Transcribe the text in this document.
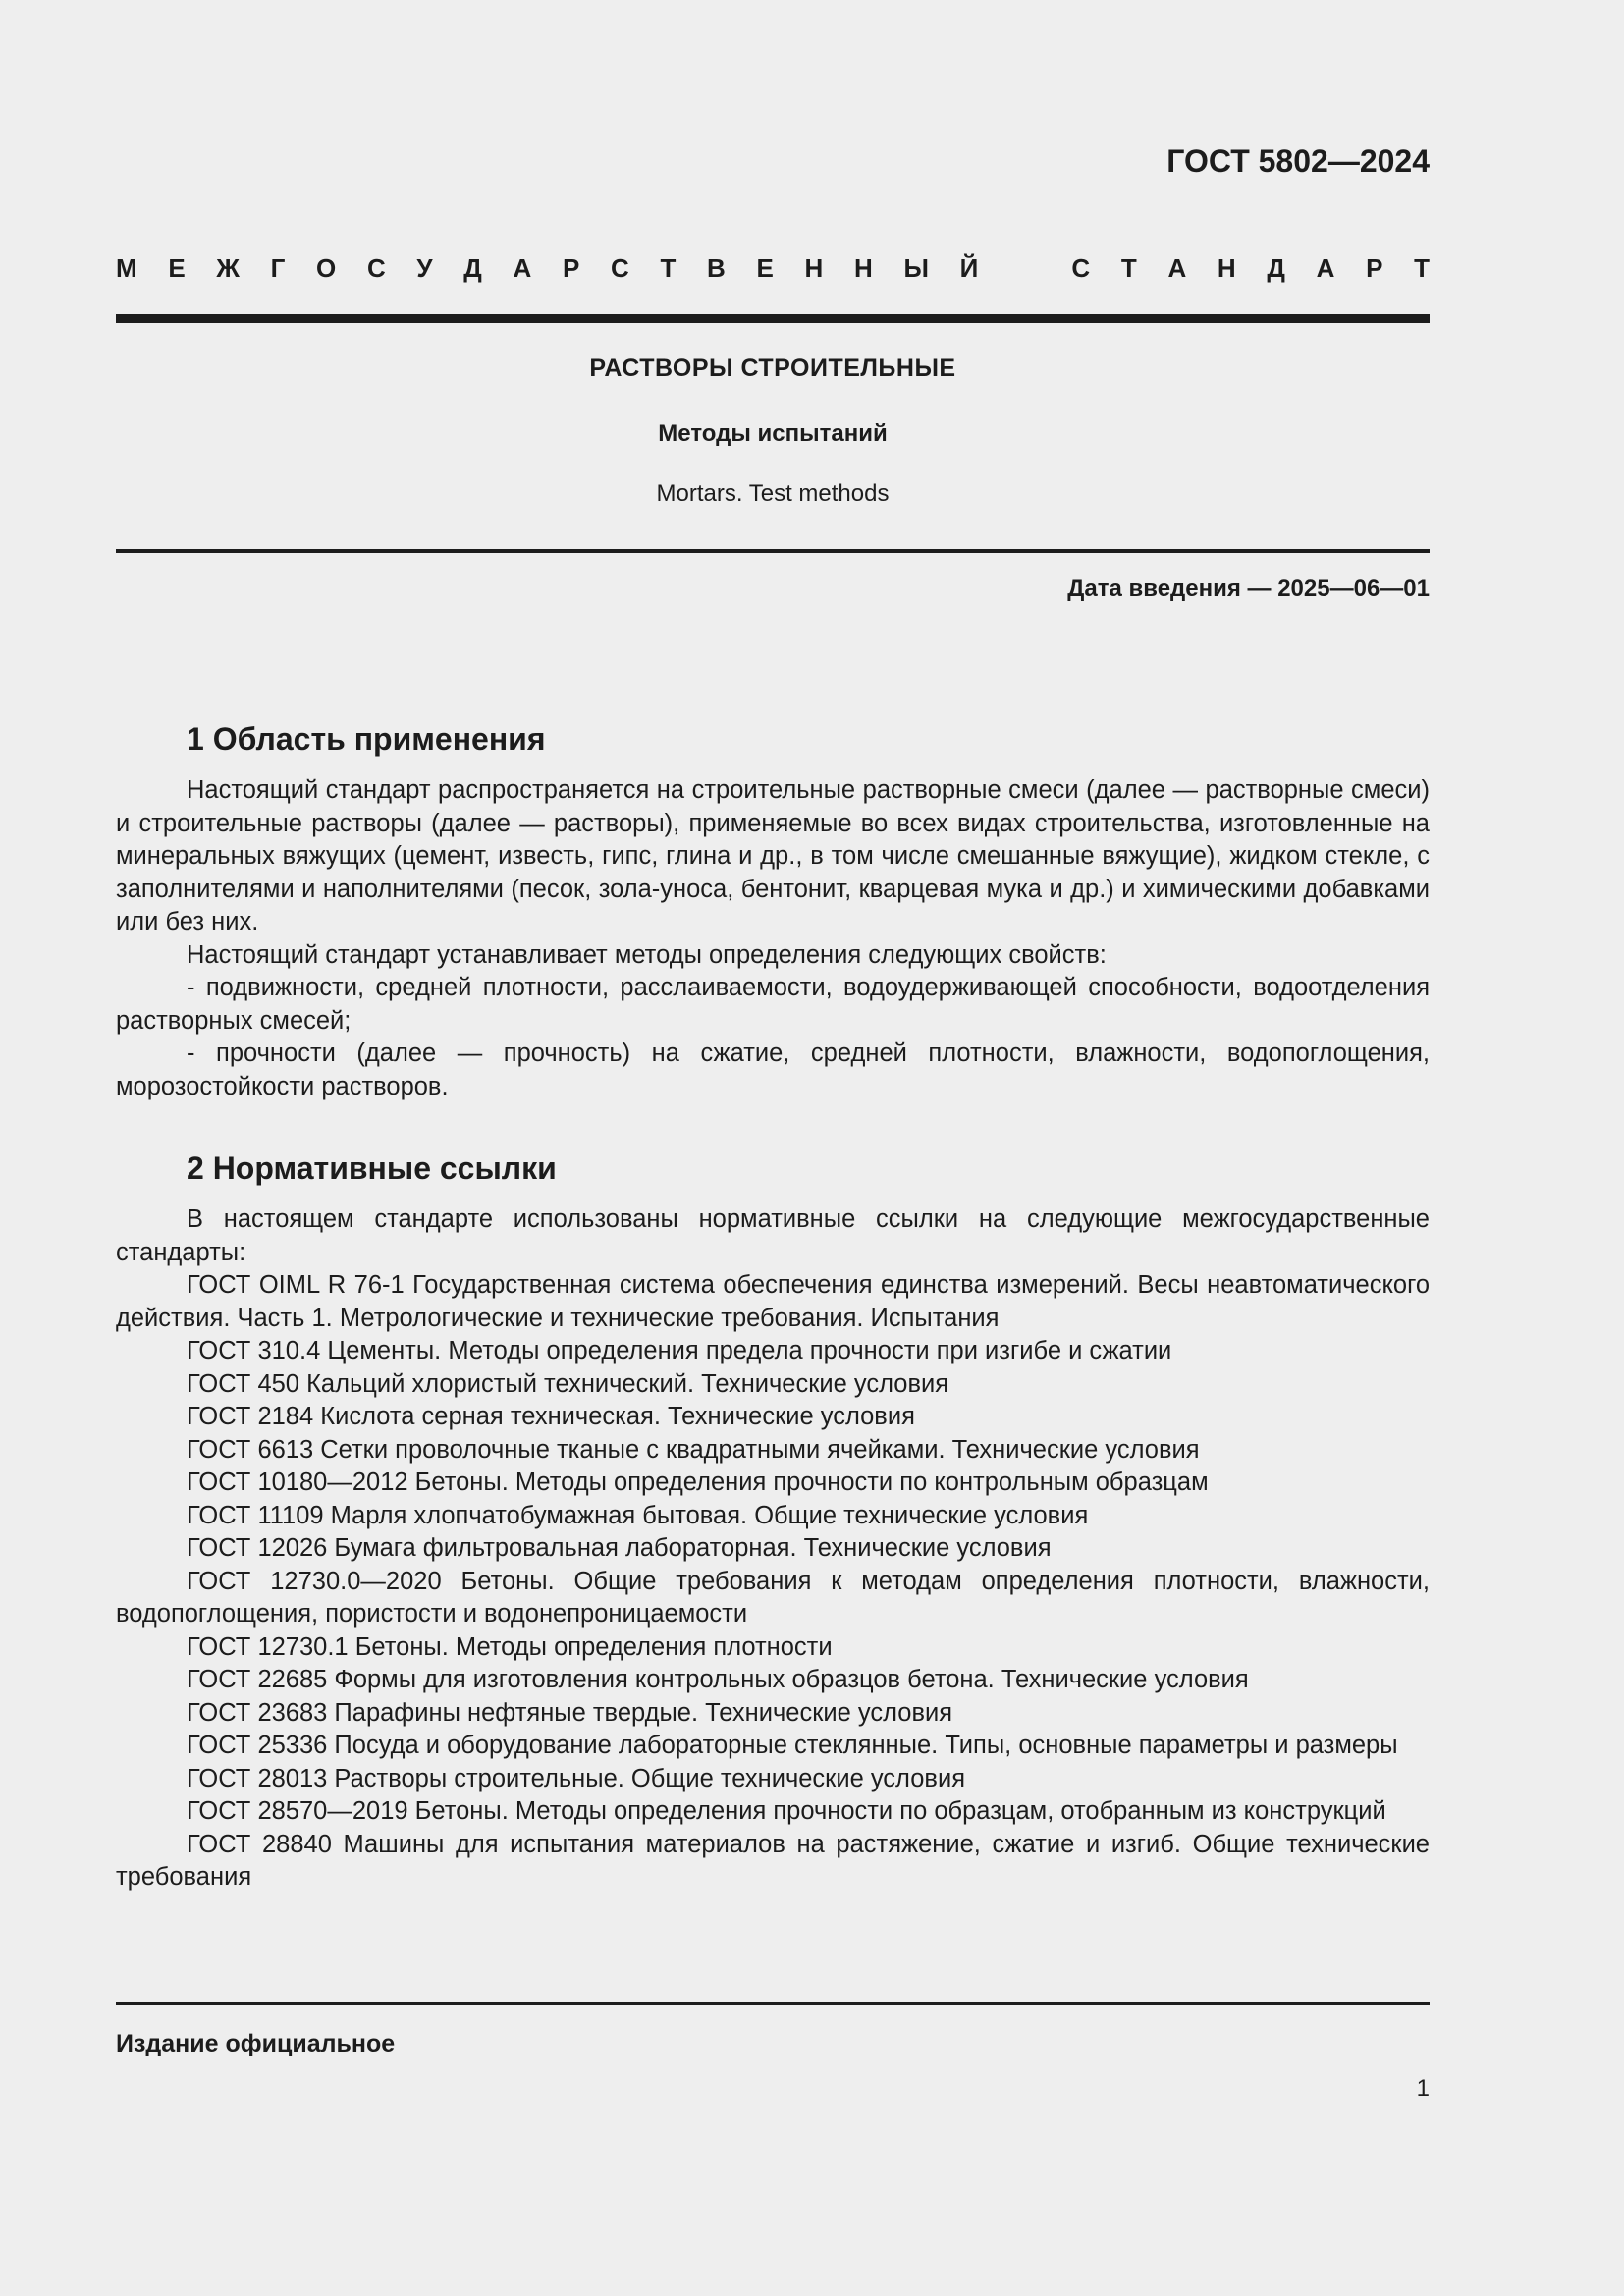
ГОСТ 5802—2024
М Е Ж Г О С У Д А Р С Т В Е Н Н Ы Й	С Т А Н Д А Р Т
РАСТВОРЫ СТРОИТЕЛЬНЫЕ
Методы испытаний
Mortars. Test methods
Дата введения — 2025—06—01
1 Область применения

Настоящий стандарт распространяется на строительные растворные смеси (далее — растворные смеси) и строительные растворы (далее — растворы), применяемые во всех видах строительства, изготовленные на минеральных вяжущих (цемент, известь, гипс, глина и др., в том числе смешанные вяжущие), жидком стекле, с заполнителями и наполнителями (песок, зола-уноса, бентонит, кварцевая мука и др.) и химическими добавками или без них.

Настоящий стандарт устанавливает методы определения следующих свойств:

- подвижности, средней плотности, расслаиваемости, водоудерживающей способности, водоотделения растворных смесей;

- прочности (далее — прочность) на сжатие, средней плотности, влажности, водопоглощения, морозостойкости растворов.

2 Нормативные ссылки

В настоящем стандарте использованы нормативные ссылки на следующие межгосударственные стандарты:

ГОСТ OIML R 76-1 Государственная система обеспечения единства измерений. Весы неавтоматического действия. Часть 1. Метрологические и технические требования. Испытания

ГОСТ 310.4 Цементы. Методы определения предела прочности при изгибе и сжатии

ГОСТ 450 Кальций хлористый технический. Технические условия

ГОСТ 2184 Кислота серная техническая. Технические условия

ГОСТ 6613 Сетки проволочные тканые с квадратными ячейками. Технические условия

ГОСТ 10180—2012 Бетоны. Методы определения прочности по контрольным образцам

ГОСТ 11109 Марля хлопчатобумажная бытовая. Общие технические условия

ГОСТ 12026 Бумага фильтровальная лабораторная. Технические условия

ГОСТ 12730.0—2020 Бетоны. Общие требования к методам определения плотности, влажности, водопоглощения, пористости и водонепроницаемости

ГОСТ 12730.1 Бетоны. Методы определения плотности

ГОСТ 22685 Формы для изготовления контрольных образцов бетона. Технические условия

ГОСТ 23683 Парафины нефтяные твердые. Технические условия

ГОСТ 25336 Посуда и оборудование лабораторные стеклянные. Типы, основные параметры и размеры

ГОСТ 28013 Растворы строительные. Общие технические условия

ГОСТ 28570—2019 Бетоны. Методы определения прочности по образцам, отобранным из конструкций

ГОСТ 28840 Машины для испытания материалов на растяжение, сжатие и изгиб. Общие технические требования

Издание официальное
1
